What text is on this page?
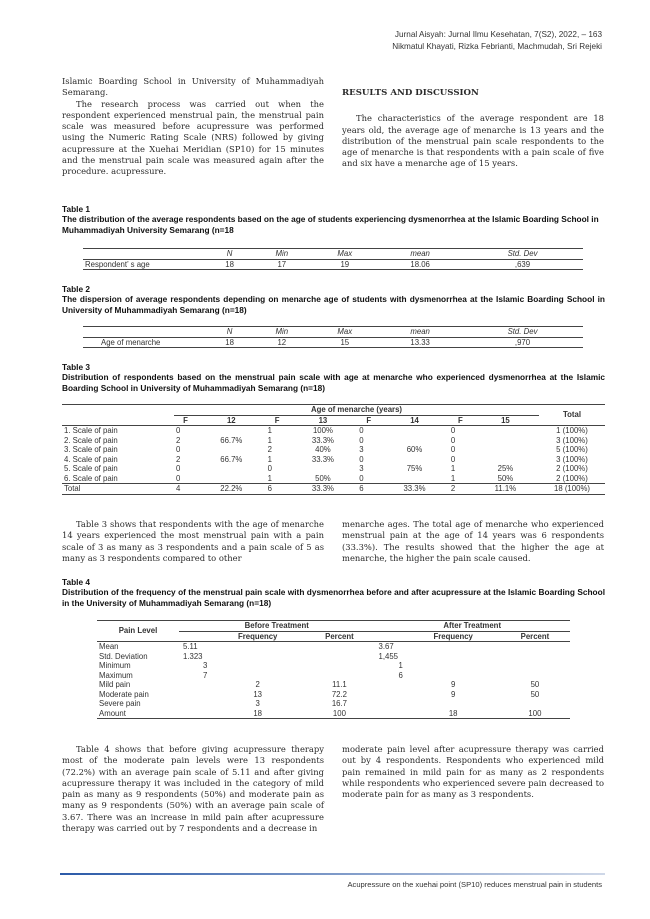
Jurnal Aisyah: Jurnal Ilmu Kesehatan, 7(S2), 2022, – 163
Nikmatul Khayati, Rizka Febrianti, Machmudah, Sri Rejeki

Islamic Boarding School in University of Muhammadiyah Semarang.

The research process was carried out when the respondent experienced menstrual pain, the menstrual pain scale was measured before acupressure was performed using the Numeric Rating Scale (NRS) followed by giving acupressure at the Xuehai Meridian (SP10) for 15 minutes and the menstrual pain scale was measured again after the procedure. acupressure.

RESULTS AND DISCUSSION

The characteristics of the average respondent are 18 years old, the average age of menarche is 13 years and the distribution of the menstrual pain scale respondents to the age of menarche is that respondents with a pain scale of five and six have a menarche age of 15 years.

Table 1
The distribution of the average respondents based on the age of students experiencing dysmenorrhea at the Islamic Boarding School in Muhammadiyah University Semarang (n=18
	N	Min	Max	mean	Std. Dev
Respondent’ s age	18	17	19	18.06	,639
Table 2
The dispersion of average respondents depending on menarche age of students with dysmenorrhea at the Islamic Boarding School in University of Muhammadiyah Semarang (n=18)
	N	Min	Max	mean	Std. Dev
Age of menarche	18	12	15	13.33	,970
Table 3
Distribution of respondents based on the menstrual pain scale with age at menarche who experienced dysmenorrhea at the Islamic Boarding School in University of Muhammadiyah Semarang (n=18)
	Age of menarche (years)								Total
	F	12	F	13	F	14	F	15	
1. Scale of pain	0		1	100%	0		0		1 (100%)
2. Scale of pain	2	66.7%	1	33.3%	0		0		3 (100%)
3. Scale of pain	0		2	40%	3	60%	0		5 (100%)
4. Scale of pain	2	66.7%	1	33.3%	0		0		3 (100%)
5. Scale of pain	0		0		3	75%	1	25%	2 (100%)
6. Scale of pain	0		1	50%	0		1	50%	2 (100%)
Total	4	22.2%	6	33.3%	6	33.3%	2	11.1%	18 (100%)

Table 3 shows that respondents with the age of menarche 14 years experienced the most menstrual pain with a pain scale of 3 as many as 3 respondents and a pain scale of 5 as many as 3 respondents compared to other

menarche ages. The total age of menarche who experienced menstrual pain at the age of 14 years was 6 respondents (33.3%). The results showed that the higher the age at menarche, the higher the pain scale caused.

Table 4
Distribution of the frequency of the menstrual pain scale with dysmenorrhea before and after acupressure at the Islamic Boarding School in the University of Muhammadiyah Semarang (n=18)
Pain Level	Before Treatment			After Treatment		
		Frequency	Percent		Frequency	Percent
Mean	5.11			3.67		
Std. Deviation	1.323			1,455		
Minimum	3			1		
Maximum	7			6		
Mild pain		2	11.1		9	50
Moderate pain		13	72.2		9	50
Severe pain		3	16.7			
Amount		18	100		18	100

Table 4 shows that before giving acupressure therapy most of the moderate pain levels were 13 respondents (72.2%) with an average pain scale of 5.11 and after giving acupressure therapy it was included in the category of mild pain as many as 9 respondents (50%) and moderate pain as many as 9 respondents (50%) with an average pain scale of 3.67. There was an increase in mild pain after acupressure therapy was carried out by 7 respondents and a decrease in

moderate pain level after acupressure therapy was carried out by 4 respondents. Respondents who experienced mild pain remained in mild pain for as many as 2 respondents while respondents who experienced severe pain decreased to moderate pain for as many as 3 respondents.

Acupressure on the xuehai point (SP10) reduces menstrual pain in students
